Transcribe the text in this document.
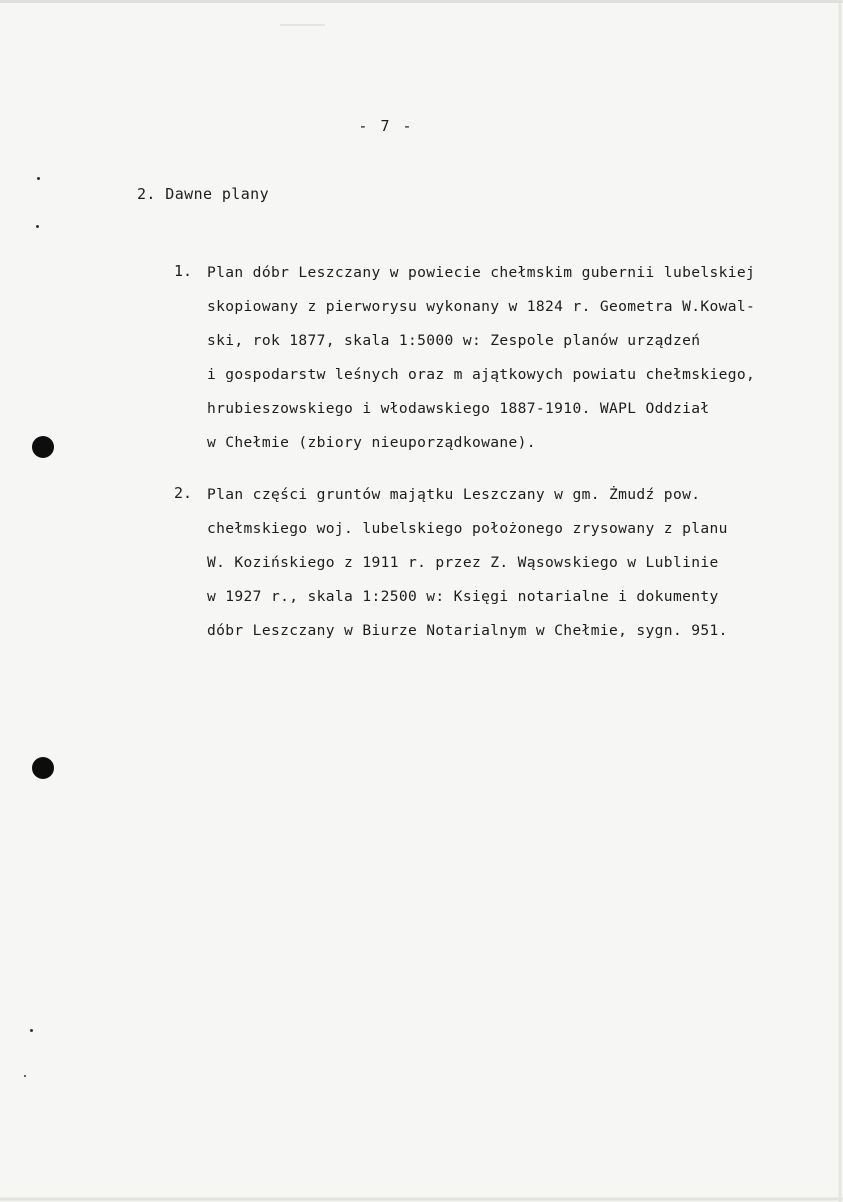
- 7 -
2. Dawne plany
1. Plan dóbr Leszczany w powiecie chełmskim gubernii lubelskiej
skopiowany z pierworysu wykonany w 1824 r. Geometra W.Kowal-
ski, rok 1877, skala 1:5000 w: Zespole planów urządzeń
i gospodarstw leśnych oraz m ajątkowych powiatu chełmskiego,
hrubieszowskiego i włodawskiego 1887-1910. WAPL Oddział
w Chełmie (zbiory nieuporządkowane).
2. Plan części gruntów majątku Leszczany w gm. Żmudź pow.
chełmskiego woj. lubelskiego położonego zrysowany z planu
W. Kozińskiego z 1911 r. przez Z. Wąsowskiego w Lublinie
w 1927 r., skala 1:2500 w: Księgi notarialne i dokumenty
dóbr Leszczany w Biurze Notarialnym w Chełmie, sygn. 951.
